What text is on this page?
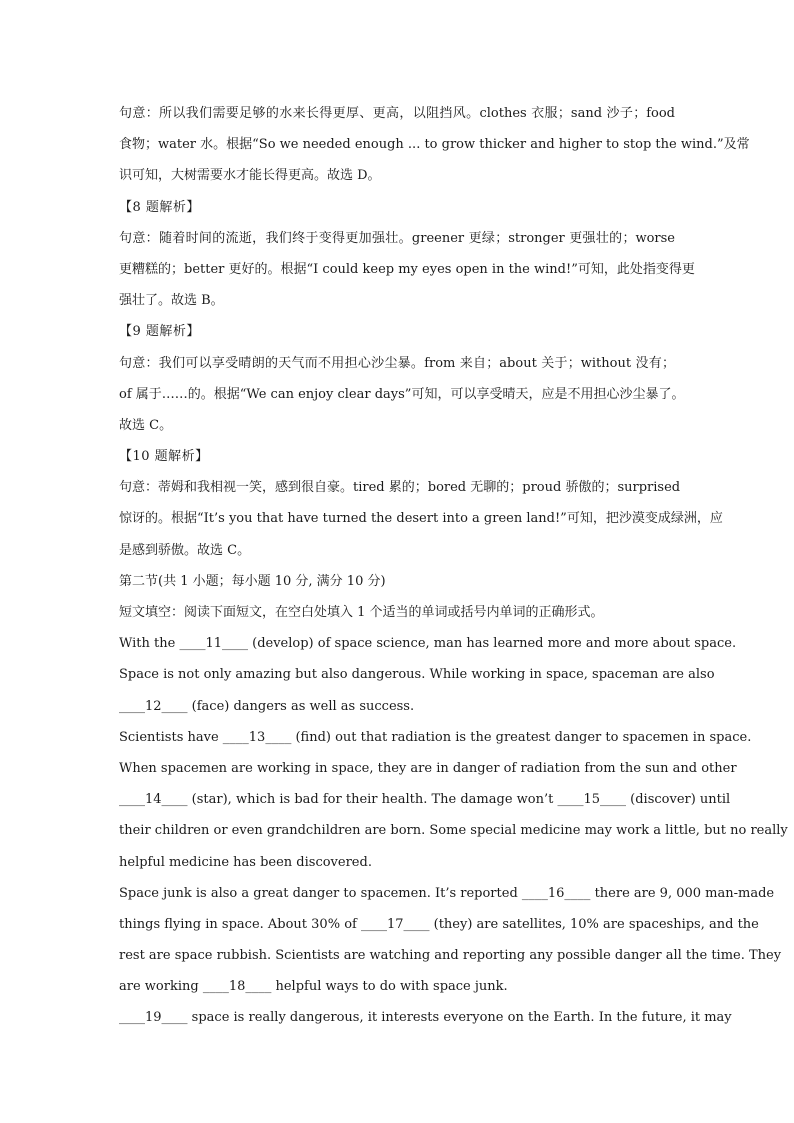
句意：所以我们需要足够的水来长得更厚、更高，以阻挡风。clothes 衣服；sand 沙子；food
食物；water 水。根据“So we needed enough ... to grow thicker and higher to stop the wind.”及常
识可知，大树需要水才能长得更高。故选 D。
【8 题解析】
句意：随着时间的流逝，我们终于变得更加强壮。greener 更绿；stronger 更强壮的；worse
更糟糕的；better 更好的。根据“I could keep my eyes open in the wind!”可知，此处指变得更
强壮了。故选 B。
【9 题解析】
句意：我们可以享受晴朗的天气而不用担心沙尘暴。from 来自；about 关于；without 没有；
of 属于……的。根据“We can enjoy clear days”可知，可以享受晴天，应是不用担心沙尘暴了。
故选 C。
【10 题解析】
句意：蒂姆和我相视一笑，感到很自豪。tired 累的；bored 无聊的；proud 骄傲的；surprised
惊讶的。根据“It’s you that have turned the desert into a green land!”可知，把沙漠变成绿洲，应
是感到骄傲。故选 C。
第二节(共 1 小题；每小题 10 分, 满分 10 分)
短文填空：阅读下面短文，在空白处填入 1 个适当的单词或括号内单词的正确形式。
With the ____11____ (develop) of space science, man has learned more and more about space.
Space is not only amazing but also dangerous. While working in space, spaceman are also
____12____ (face) dangers as well as success.
Scientists have ____13____ (find) out that radiation is the greatest danger to spacemen in space.
When spacemen are working in space, they are in danger of radiation from the sun and other
____14____ (star), which is bad for their health. The damage won’t ____15____ (discover) until
their children or even grandchildren are born. Some special medicine may work a little, but no really
helpful medicine has been discovered.
Space junk is also a great danger to spacemen. It’s reported ____16____ there are 9, 000 man-made
things flying in space. About 30% of ____17____ (they) are satellites, 10% are spaceships, and the
rest are space rubbish. Scientists are watching and reporting any possible danger all the time. They
are working ____18____ helpful ways to do with space junk.
____19____ space is really dangerous, it interests everyone on the Earth. In the future, it may
